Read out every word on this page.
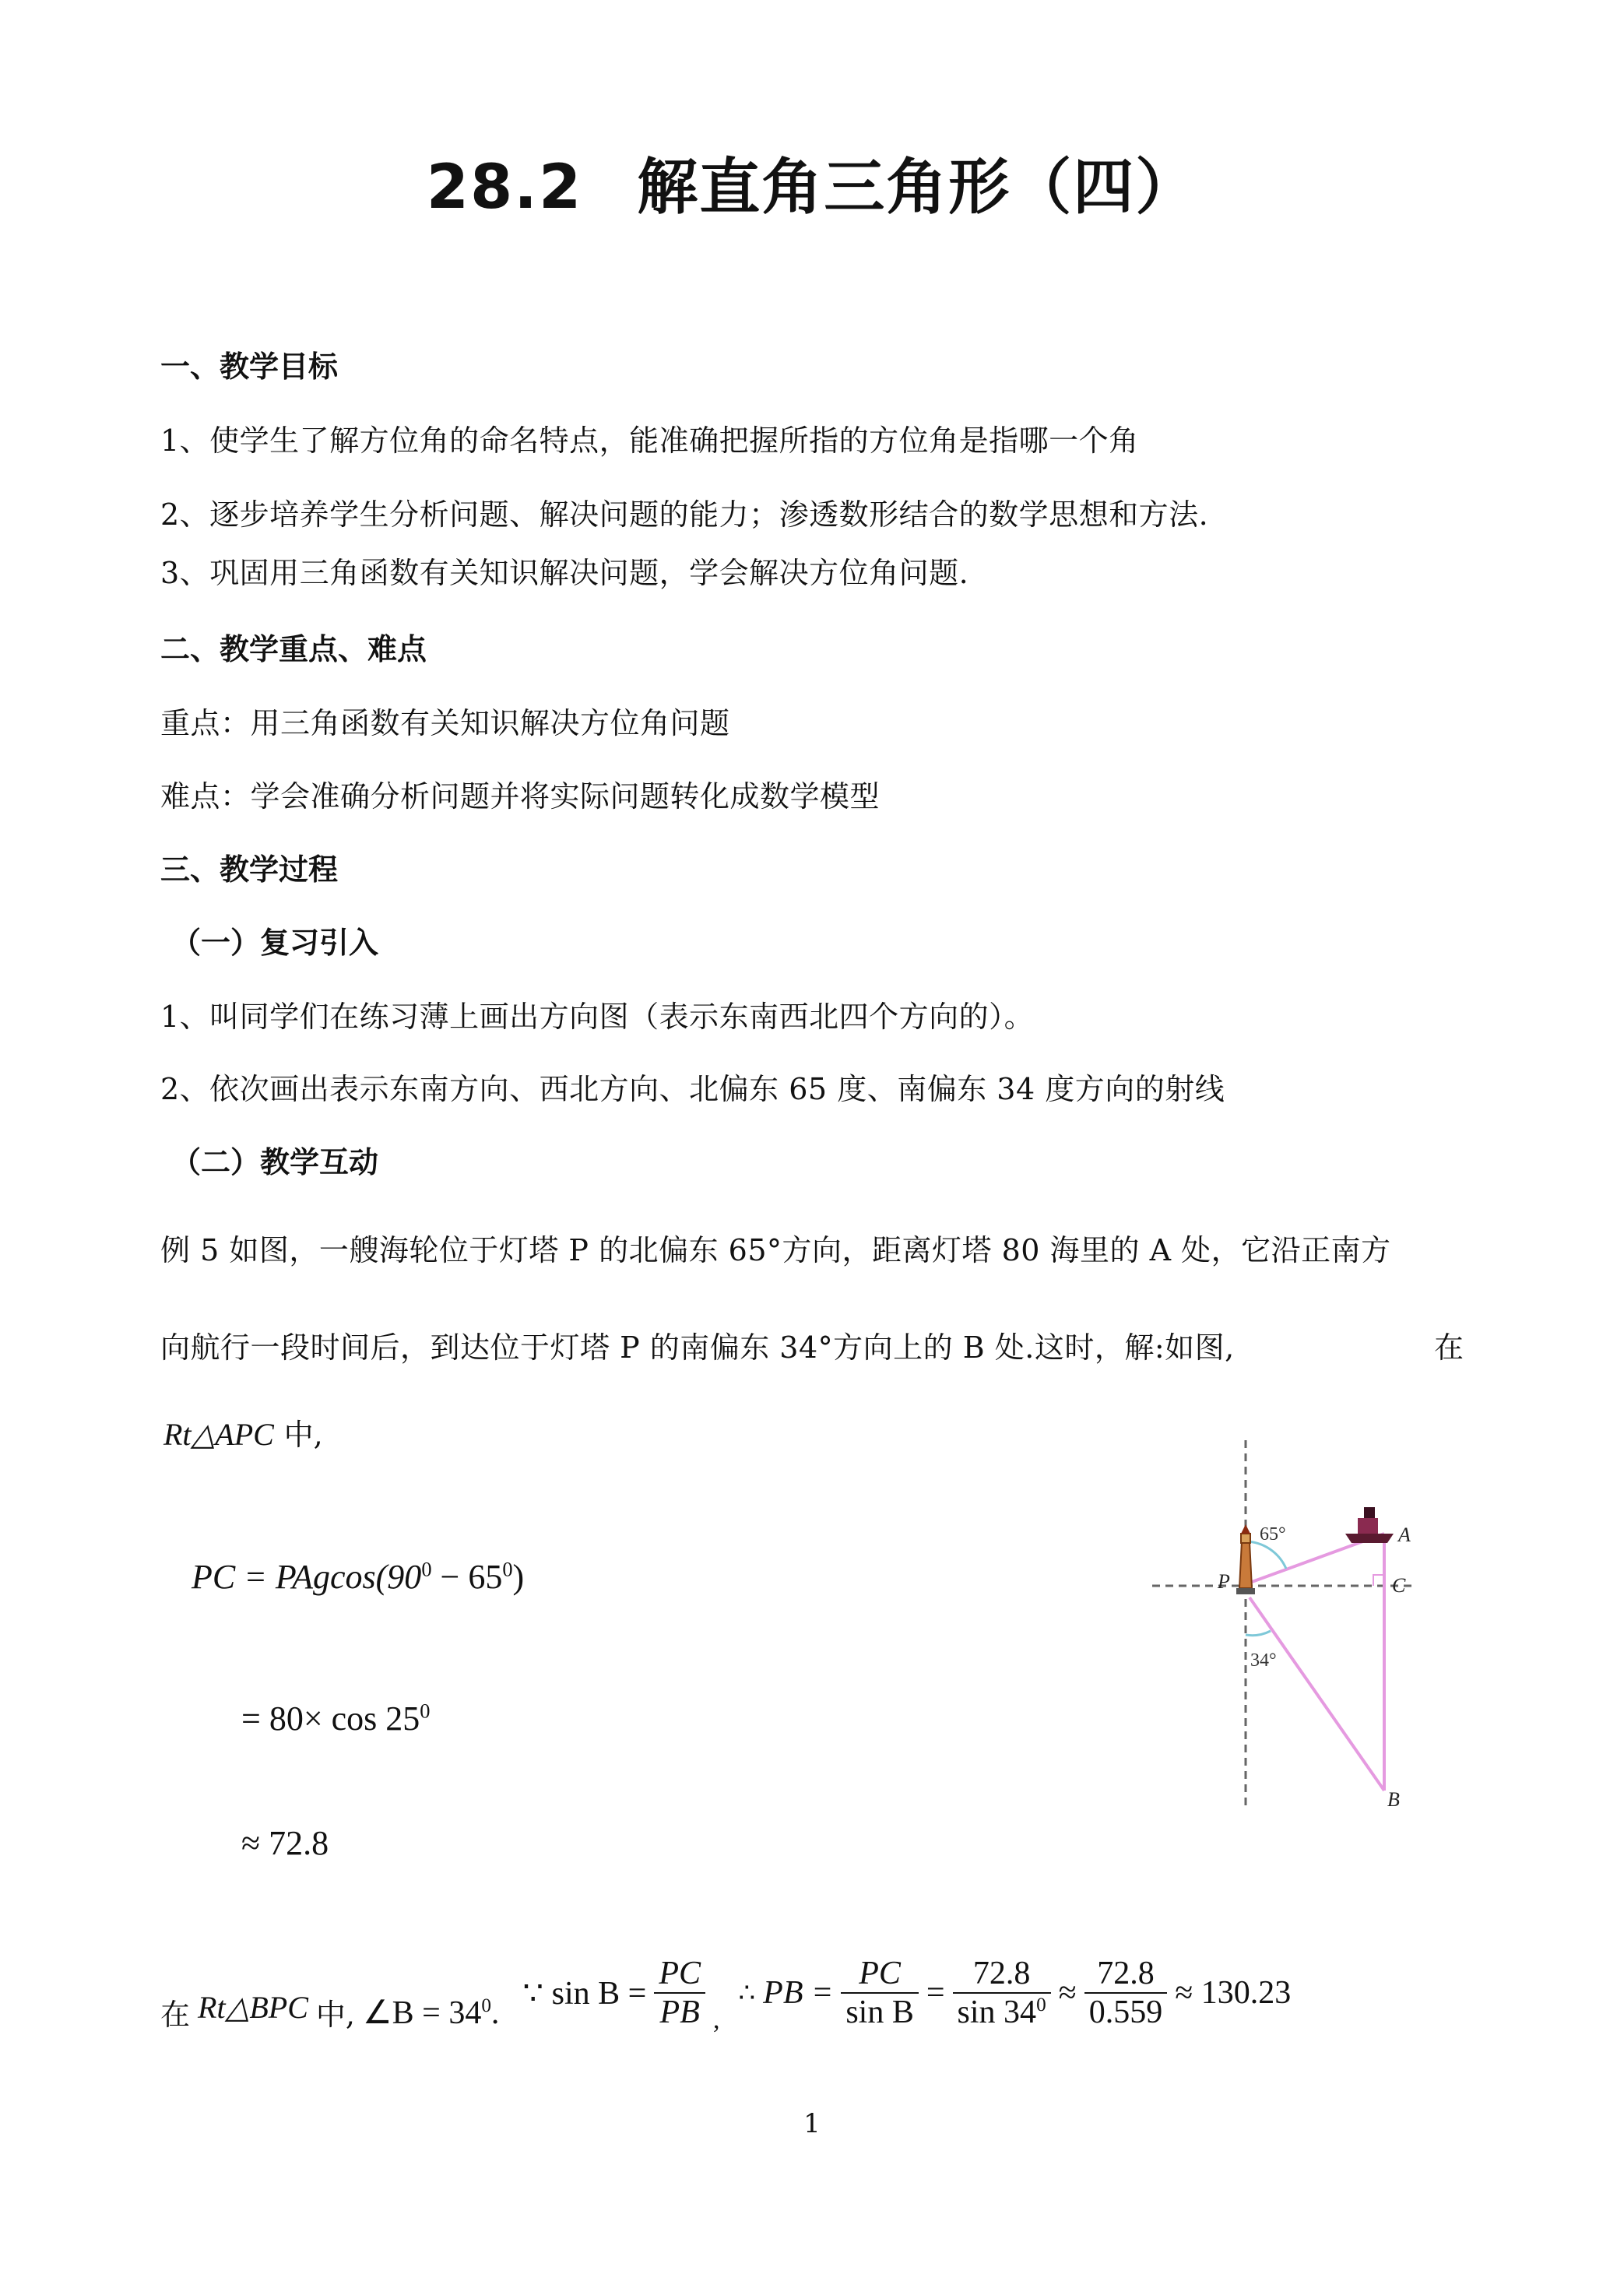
28.2 解直角三角形（四）
一、教学目标
1、使学生了解方位角的命名特点，能准确把握所指的方位角是指哪一个角
2、逐步培养学生分析问题、解决问题的能力；渗透数形结合的数学思想和方法.
3、巩固用三角函数有关知识解决问题，学会解决方位角问题.
二、教学重点、难点
重点：用三角函数有关知识解决方位角问题
难点：学会准确分析问题并将实际问题转化成数学模型
三、教学过程
（一）复习引入
1、叫同学们在练习薄上画出方向图（表示东南西北四个方向的）。
2、依次画出表示东南方向、西北方向、北偏东 65 度、南偏东 34 度方向的射线
（二）教学互动
例 5 如图，一艘海轮位于灯塔 P 的北偏东 65°方向，距离灯塔 80 海里的 A 处，它沿正南方
向航行一段时间后，到达位于灯塔 P 的南偏东 34°方向上的 B 处.这时，解:如图,	在
Rt△APC 中,
PC = $PAgcos(90^0 - 65^0)$
= $80\times \cos 25^0$
≈ 72.8
在 Rt△BPC 中, ∠B = $34^0$.
∵ $\sin B = \frac{PC}{PB}$ ,
∴ PB = $\frac{PC}{\text{sin B}} = \frac{72.8}{\sin 34^0} \approx \frac{72.8}{0.559} \approx 130.23$
65°
34°
P
A
C
B
1
